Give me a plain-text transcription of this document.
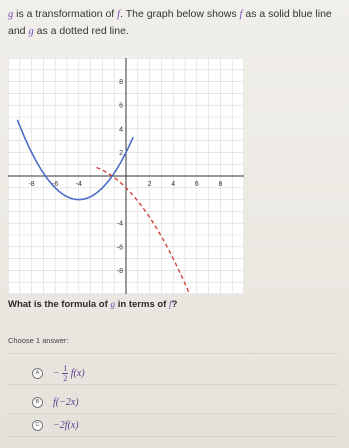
g is a transformation of f. The graph below shows f as a solid blue line
and g as a dotted red line.
-8 -6 -4	2	4	6	8
8
6
4
2
-4
-6
-8
What is the formula of g in terms of f?
Choose 1 answer:
A	− $\frac{1}{2} f(x)$
B	f(−2x)
C	−2f(x)
